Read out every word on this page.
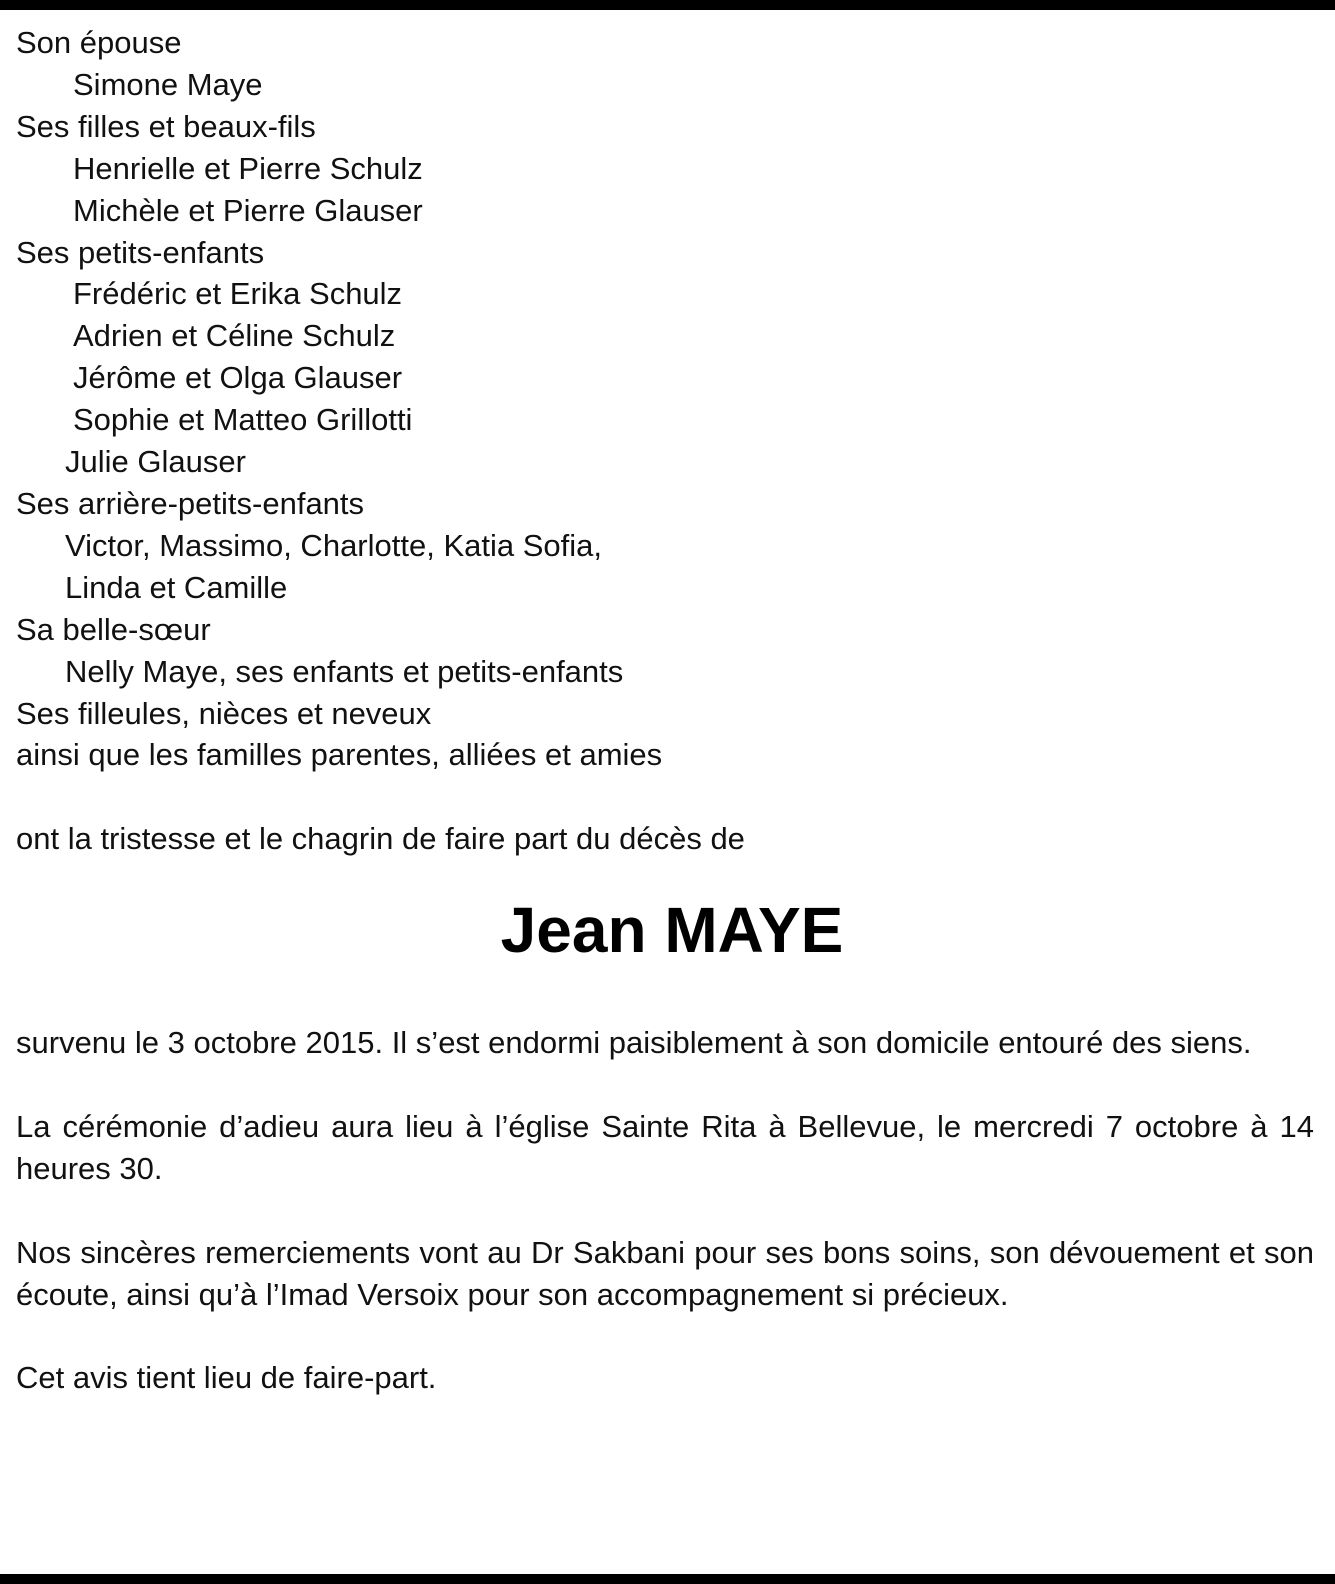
Son épouse
Simone Maye
Ses filles et beaux-fils
Henrielle et Pierre Schulz
Michèle et Pierre Glauser
Ses petits-enfants
Frédéric et Erika Schulz
Adrien et Céline Schulz
Jérôme et Olga Glauser
Sophie et Matteo Grillotti
Julie Glauser
Ses arrière-petits-enfants
Victor, Massimo, Charlotte, Katia Sofia,
Linda et Camille
Sa belle-sœur
Nelly Maye, ses enfants et petits-enfants
Ses filleules, nièces et neveux
ainsi que les familles parentes, alliées et amies
ont la tristesse et le chagrin de faire part du décès de
Jean MAYE

survenu le 3 octobre 2015. Il s’est endormi paisiblement à son domicile entouré des siens.

La cérémonie d’adieu aura lieu à l’église Sainte Rita à Bellevue, le mercredi 7 octobre à 14 heures 30.

Nos sincères remerciements vont au Dr Sakbani pour ses bons soins, son dévouement et son écoute, ainsi qu’à l’Imad Versoix pour son accompagnement si précieux.

Cet avis tient lieu de faire-part.
